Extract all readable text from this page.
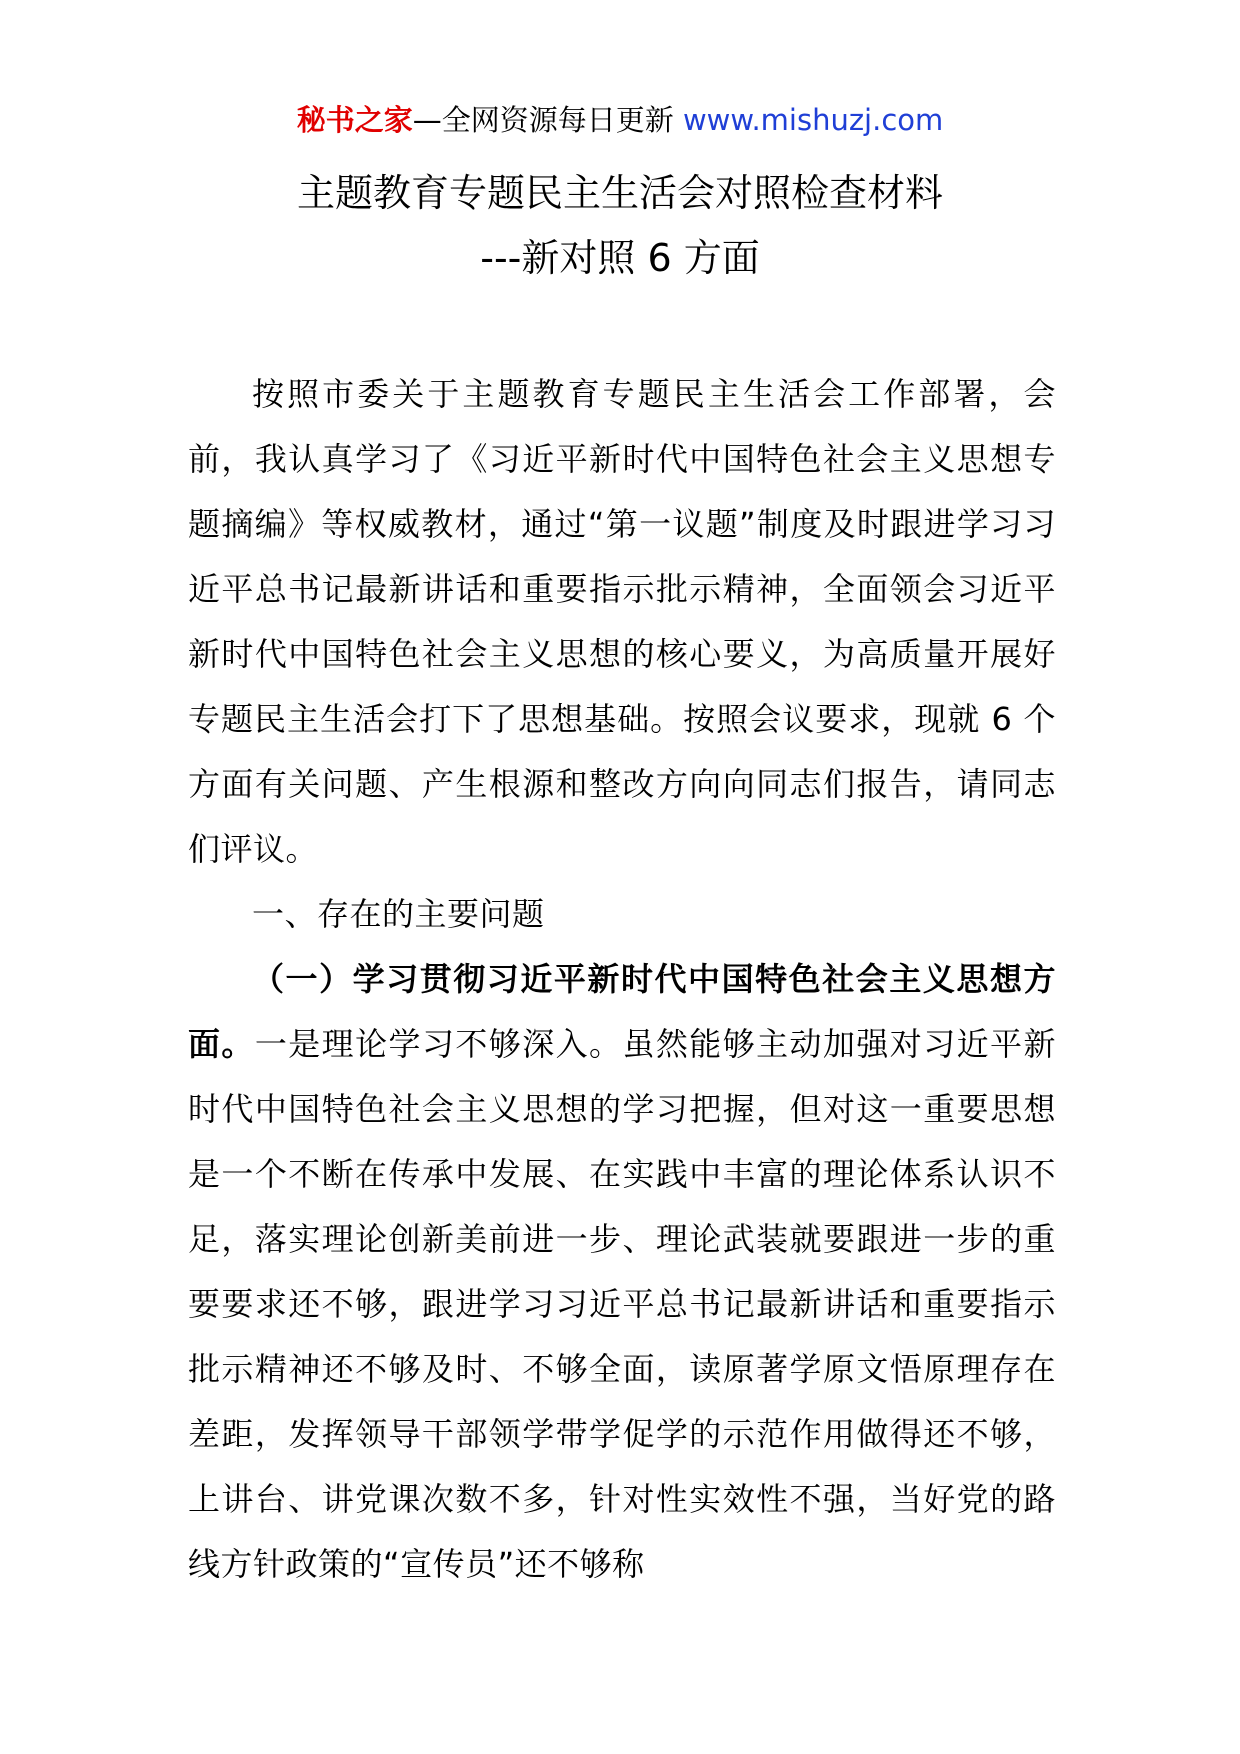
秘书之家—全网资源每日更新 www.mishuzj.com
主题教育专题民主生活会对照检查材料
---新对照 6 方面

按照市委关于主题教育专题民主生活会工作部署，会前，我认真学习了《习近平新时代中国特色社会主义思想专题摘编》等权威教材，通过“第一议题”制度及时跟进学习习近平总书记最新讲话和重要指示批示精神，全面领会习近平新时代中国特色社会主义思想的核心要义，为高质量开展好专题民主生活会打下了思想基础。按照会议要求，现就 6 个方面有关问题、产生根源和整改方向向同志们报告，请同志们评议。

一、存在的主要问题

（一）学习贯彻习近平新时代中国特色社会主义思想方面。一是理论学习不够深入。虽然能够主动加强对习近平新时代中国特色社会主义思想的学习把握，但对这一重要思想是一个不断在传承中发展、在实践中丰富的理论体系认识不足，落实理论创新美前进一步、理论武装就要跟进一步的重要要求还不够，跟进学习习近平总书记最新讲话和重要指示批示精神还不够及时、不够全面，读原著学原文悟原理存在差距，发挥领导干部领学带学促学的示范作用做得还不够，上讲台、讲党课次数不多，针对性实效性不强，当好党的路线方针政策的“宣传员”还不够称
